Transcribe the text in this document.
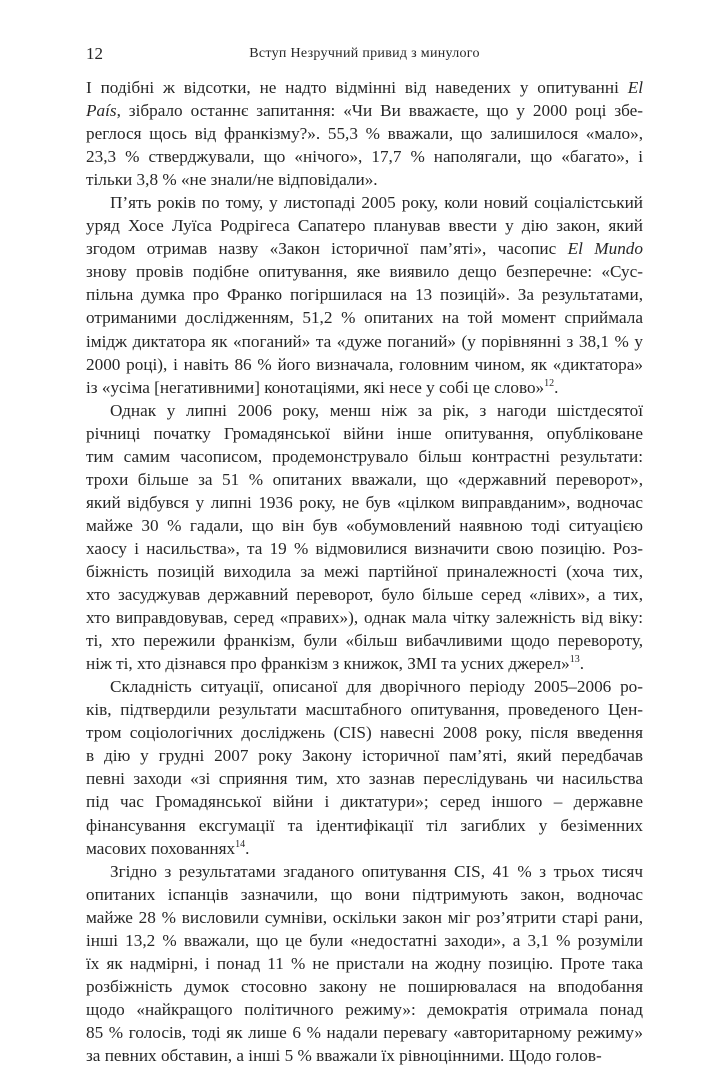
12	Вступ Незручний привид з минулого
І подібні ж відсотки, не надто відмінні від наведених у опитуванні El
País, зібрало останнє запитання: «Чи Ви вважаєте, що у 2000 році збе-
реглося щось від франкізму?». 55,3 % вважали, що залишилося «мало»,
23,3 % стверджували, що «нічого», 17,7 % наполягали, що «багато», і
тільки 3,8 % «не знали/не відповідали».
П’ять років по тому, у листопаді 2005 року, коли новий соціалістський
уряд Хосе Луїса Родрігеса Сапатеро планував ввести у дію закон, який
згодом отримав назву «Закон історичної пам’яті», часопис El Mundo
знову провів подібне опитування, яке виявило дещо безперечне: «Сус-
пільна думка про Франко погіршилася на 13 позицій». За результатами,
отриманими дослідженням, 51,2 % опитаних на той момент сприймала
імідж диктатора як «поганий» та «дуже поганий» (у порівнянні з 38,1 % у
2000 році), і навіть 86 % його визначала, головним чином, як «диктатора»
із «усіма [негативними] конотаціями, які несе у собі це слово»$^{12}$.
Однак у липні 2006 року, менш ніж за рік, з нагоди шістдесятої
річниці початку Громадянської війни інше опитування, опубліковане
тим самим часописом, продемонструвало більш контрастні результати:
трохи більше за 51 % опитаних вважали, що «державний переворот»,
який відбувся у липні 1936 року, не був «цілком виправданим», водночас
майже 30 % гадали, що він був «обумовлений наявною тоді ситуацією
хаосу і насильства», та 19 % відмовилися визначити свою позицію. Роз-
біжність позицій виходила за межі партійної приналежності (хоча тих,
хто засуджував державний переворот, було більше серед «лівих», а тих,
хто виправдовував, серед «правих»), однак мала чітку залежність від віку:
ті, хто пережили франкізм, були «більш вибачливими щодо перевороту,
ніж ті, хто дізнався про франкізм з книжок, ЗМІ та усних джерел»$^{13}$.
Складність ситуації, описаної для дворічного періоду 2005–2006 ро-
ків, підтвердили результати масштабного опитування, проведеного Цен-
тром соціологічних досліджень (CIS) навесні 2008 року, після введення
в дію у грудні 2007 року Закону історичної пам’яті, який передбачав
певні заходи «зі сприяння тим, хто зазнав переслідувань чи насильства
під час Громадянської війни і диктатури»; серед іншого – державне
фінансування ексгумації та ідентифікації тіл загиблих у безіменних
масових похованнях$^{14}$.
Згідно з результатами згаданого опитування CIS, 41 % з трьох тисяч
опитаних іспанців зазначили, що вони підтримують закон, водночас
майже 28 % висловили сумніви, оскільки закон міг роз’ятрити старі рани,
інші 13,2 % вважали, що це були «недостатні заходи», а 3,1 % розуміли
їх як надмірні, і понад 11 % не пристали на жодну позицію. Проте така
розбіжність думок стосовно закону не поширювалася на вподобання
щодо «найкращого політичного режиму»: демократія отримала понад
85 % голосів, тоді як лише 6 % надали перевагу «авторитарному режиму»
за певних обставин, а інші 5 % вважали їх рівноцінними. Щодо голов-
